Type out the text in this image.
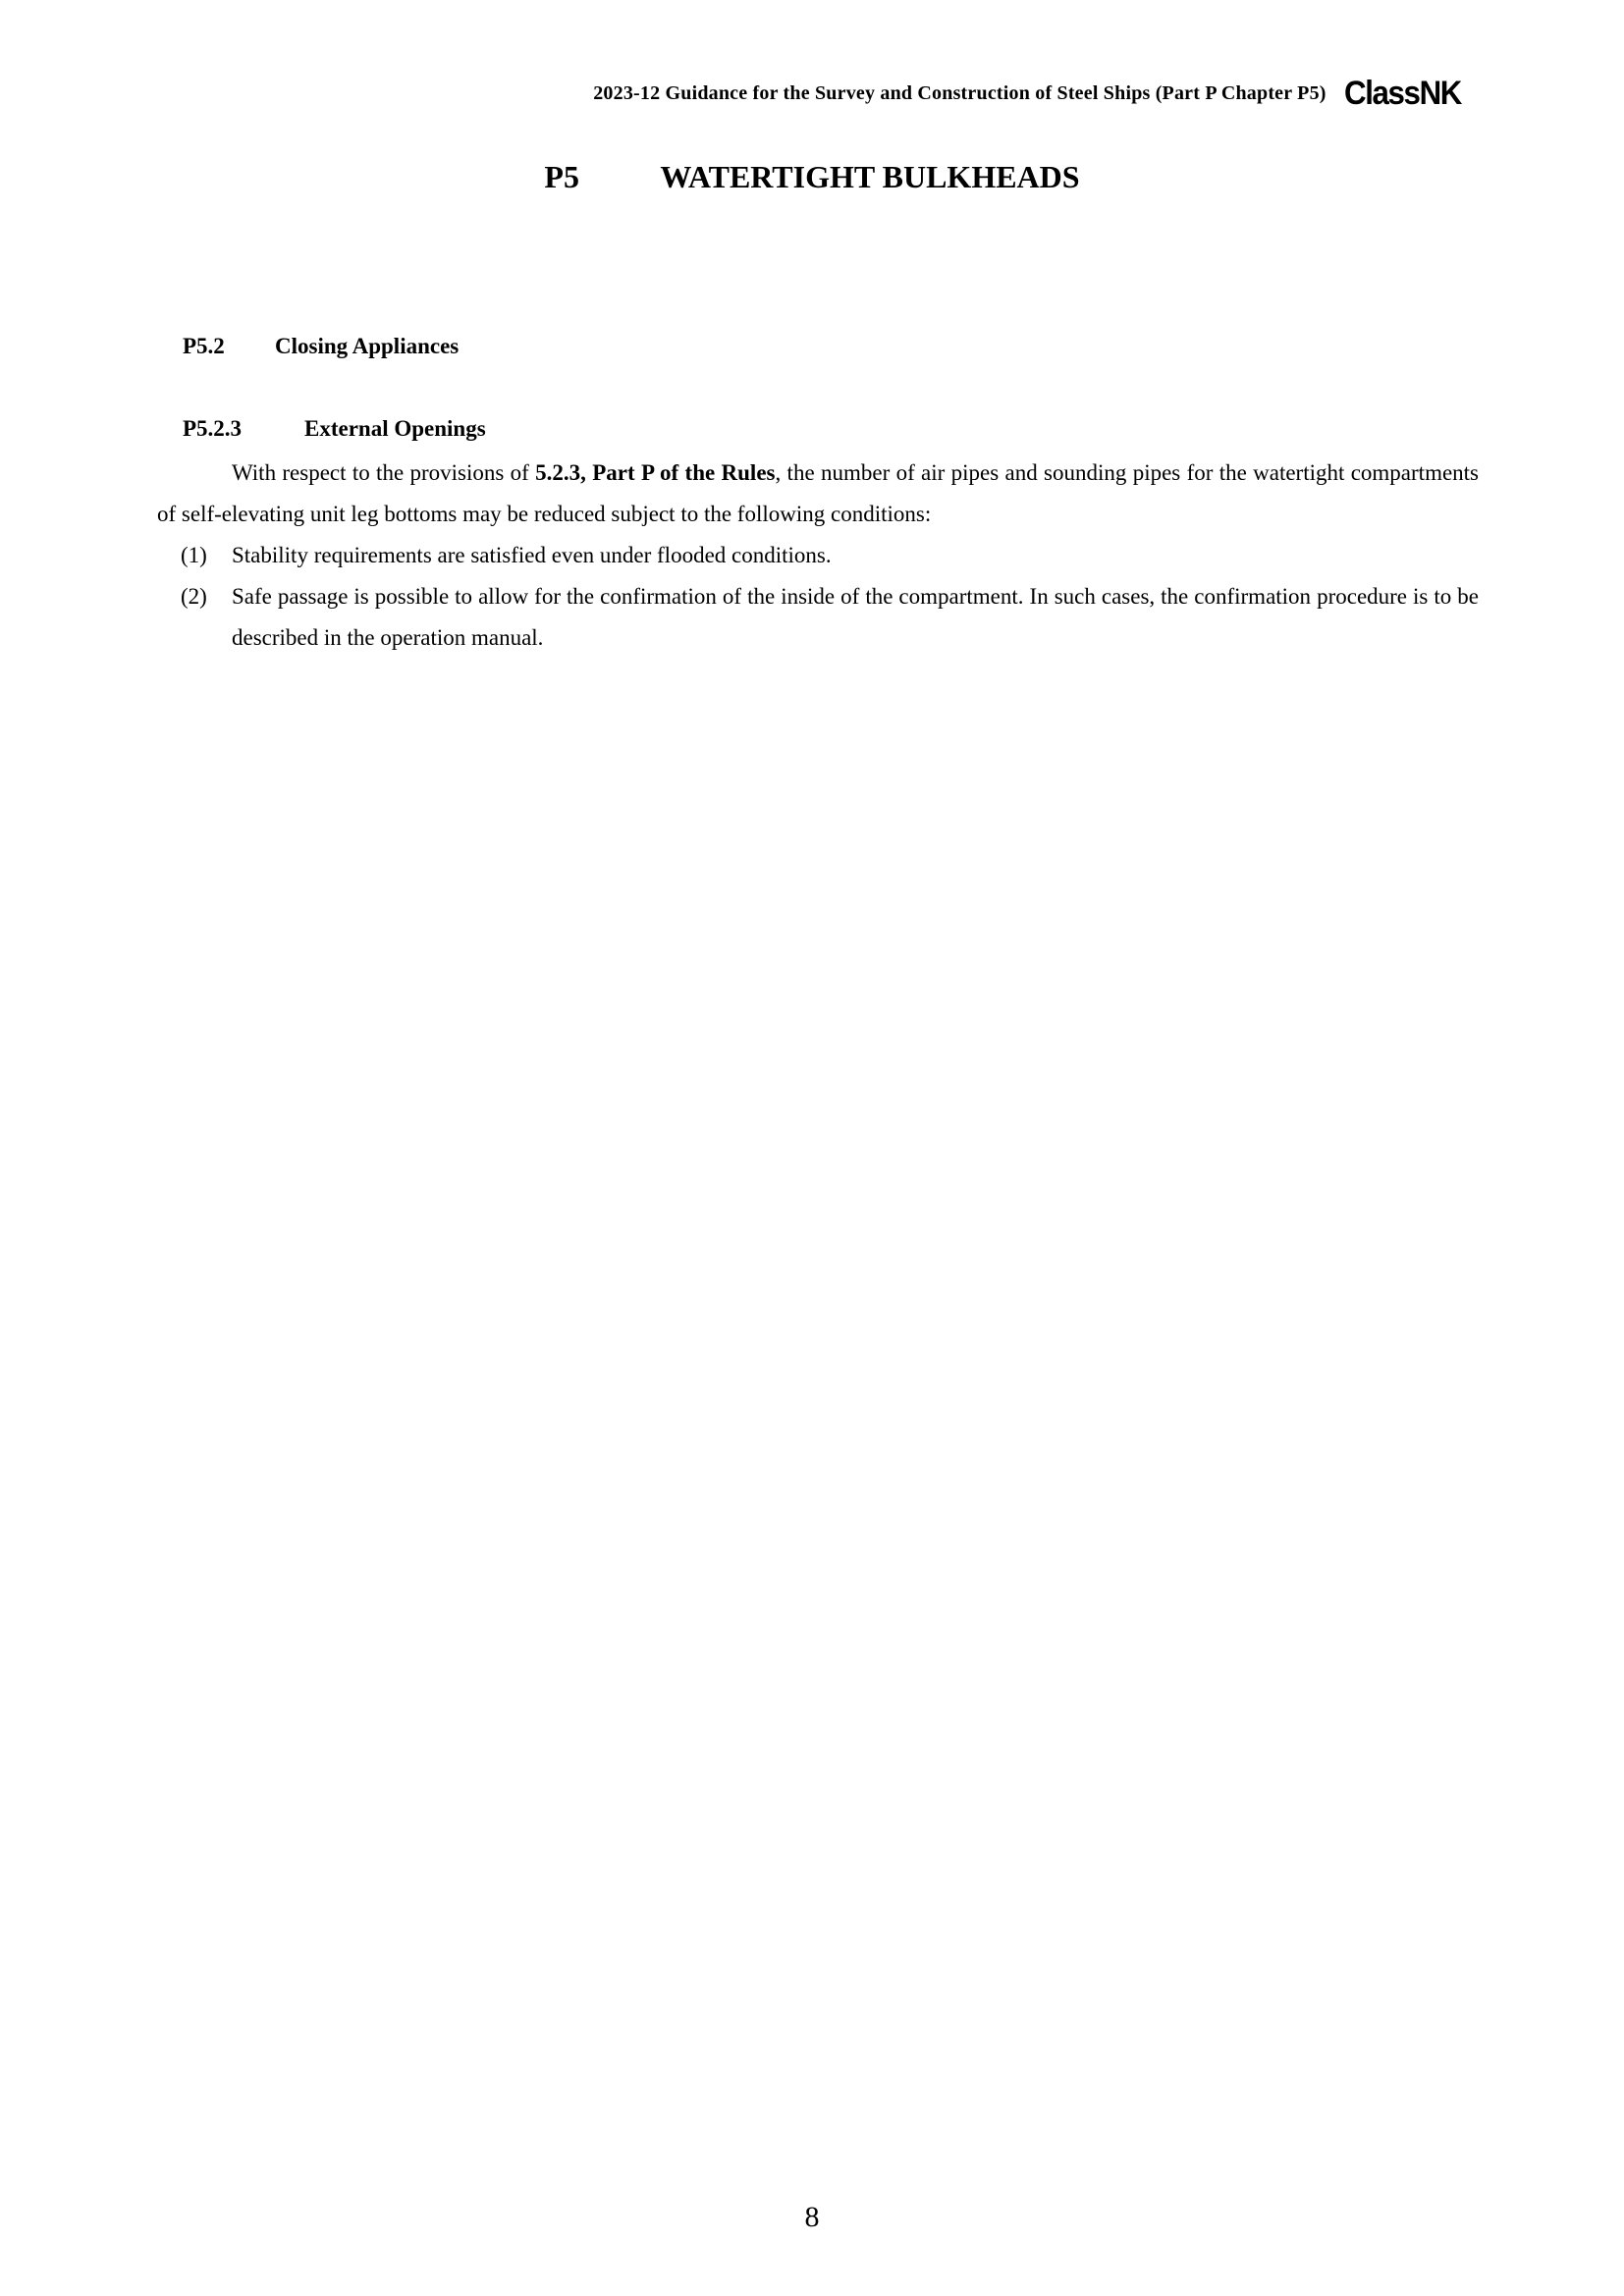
2023-12 Guidance for the Survey and Construction of Steel Ships (Part P Chapter P5) ClassNK
P5	WATERTIGHT BULKHEADS
P5.2	Closing Appliances
P5.2.3	External Openings
With respect to the provisions of 5.2.3, Part P of the Rules, the number of air pipes and sounding pipes for the watertight compartments of self-elevating unit leg bottoms may be reduced subject to the following conditions:
(1)	Stability requirements are satisfied even under flooded conditions.
(2)	Safe passage is possible to allow for the confirmation of the inside of the compartment. In such cases, the confirmation procedure is to be described in the operation manual.
8
